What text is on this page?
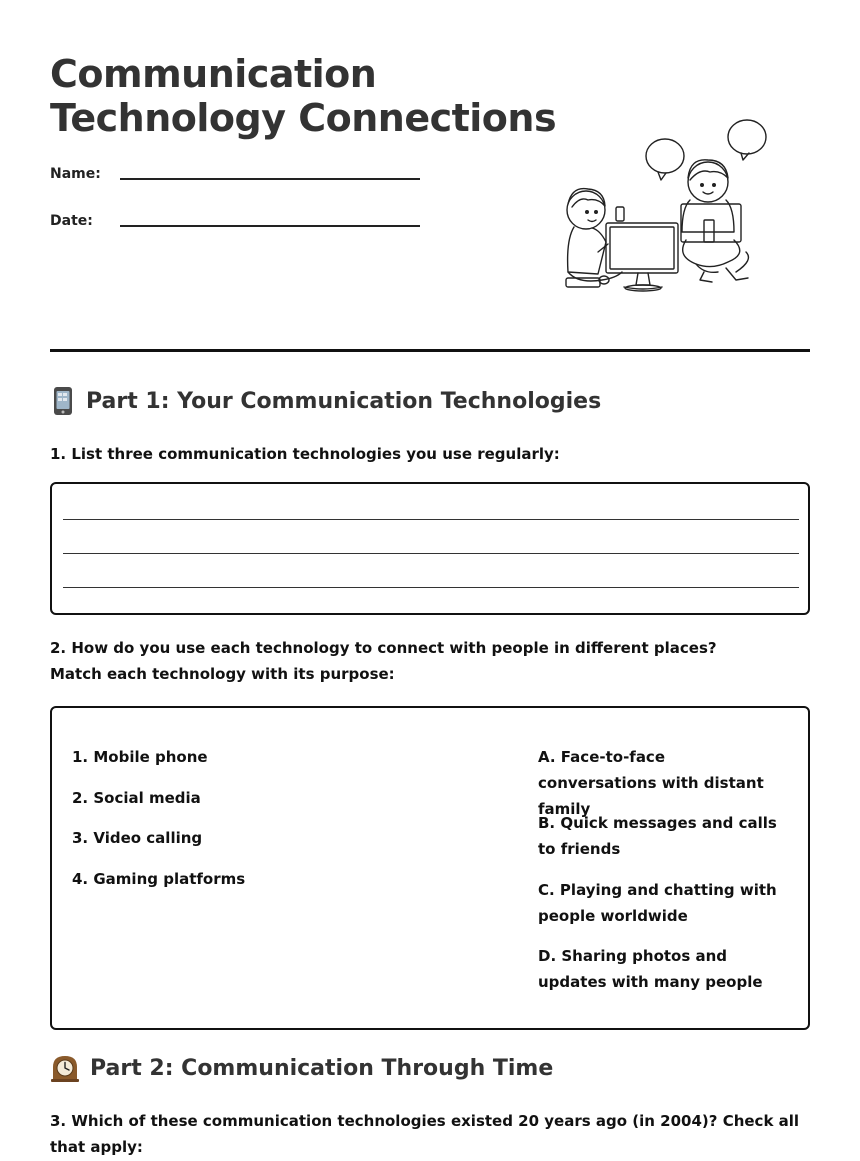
Communication
Technology Connections
Name:
Date:
Part 1: Your Communication Technologies
1. List three communication technologies you use regularly:
2. How do you use each technology to connect with people in different places? Match each technology with its purpose:
1. Mobile phone
2. Social media
3. Video calling
4. Gaming platforms
A. Face-to-face conversations with distant family
B. Quick messages and calls to friends
C. Playing and chatting with people worldwide
D. Sharing photos and updates with many people
Part 2: Communication Through Time
3. Which of these communication technologies existed 20 years ago (in 2004)? Check all that apply:
